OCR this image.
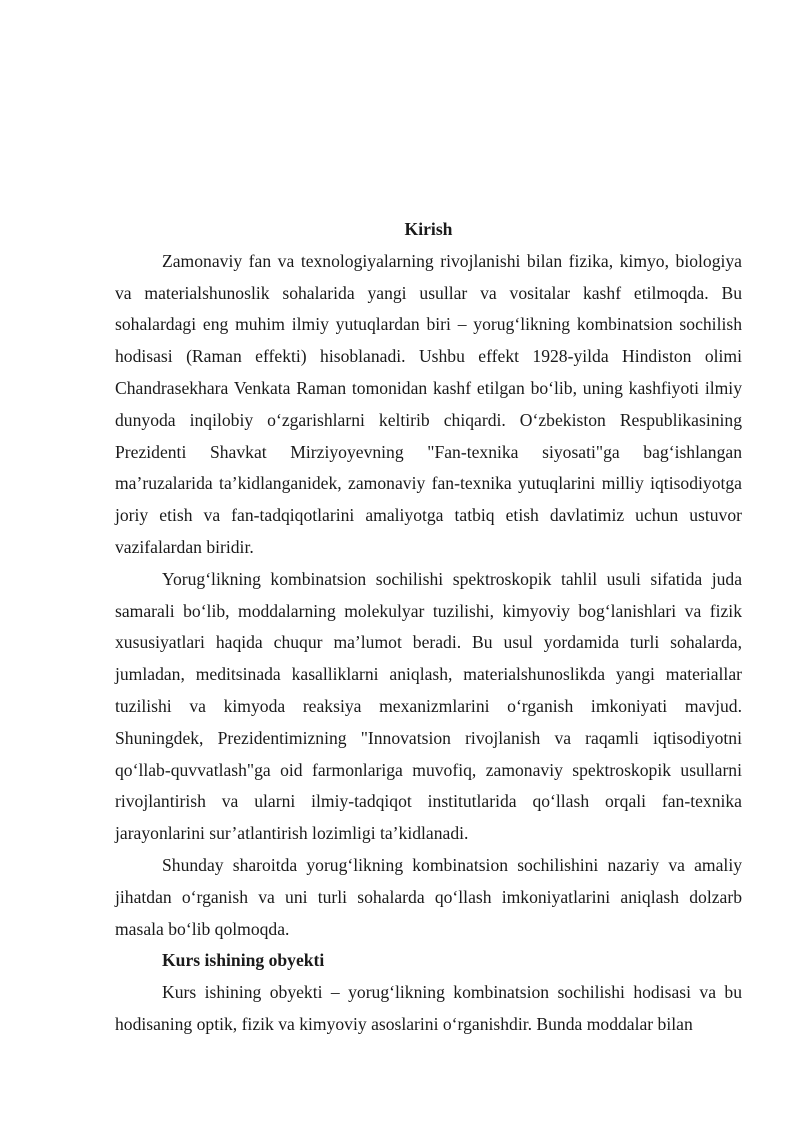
Kirish

Zamonaviy fan va texnologiyalarning rivojlanishi bilan fizika, kimyo, biologiya va materialshunoslik sohalarida yangi usullar va vositalar kashf etilmoqda. Bu sohalardagi eng muhim ilmiy yutuqlardan biri – yorug‘likning kombinatsion sochilish hodisasi (Raman effekti) hisoblanadi. Ushbu effekt 1928-yilda Hindiston olimi Chandrasekhara Venkata Raman tomonidan kashf etilgan bo‘lib, uning kashfiyoti ilmiy dunyoda inqilobiy o‘zgarishlarni keltirib chiqardi. O‘zbekiston Respublikasining Prezidenti Shavkat Mirziyoyevning "Fan-texnika siyosati"ga bag‘ishlangan ma’ruzalarida ta’kidlanganidek, zamonaviy fan-texnika yutuqlarini milliy iqtisodiyotga joriy etish va fan-tadqiqotlarini amaliyotga tatbiq etish davlatimiz uchun ustuvor vazifalardan biridir.

Yorug‘likning kombinatsion sochilishi spektroskopik tahlil usuli sifatida juda samarali bo‘lib, moddalarning molekulyar tuzilishi, kimyoviy bog‘lanishlari va fizik xususiyatlari haqida chuqur ma’lumot beradi. Bu usul yordamida turli sohalarda, jumladan, meditsinada kasalliklarni aniqlash, materialshunoslikda yangi materiallar tuzilishi va kimyoda reaksiya mexanizmlarini o‘rganish imkoniyati mavjud. Shuningdek, Prezidentimizning "Innovatsion rivojlanish va raqamli iqtisodiyotni qo‘llab-quvvatlash"ga oid farmonlariga muvofiq, zamonaviy spektroskopik usullarni rivojlantirish va ularni ilmiy-tadqiqot institutlarida qo‘llash orqali fan-texnika jarayonlarini sur’atlantirish lozimligi ta’kidlanadi.

Shunday sharoitda yorug‘likning kombinatsion sochilishini nazariy va amaliy jihatdan o‘rganish va uni turli sohalarda qo‘llash imkoniyatlarini aniqlash dolzarb masala bo‘lib qolmoqda.

Kurs ishining obyekti

Kurs ishining obyekti – yorug‘likning kombinatsion sochilishi hodisasi va bu hodisaning optik, fizik va kimyoviy asoslarini o‘rganishdir. Bunda moddalar bilan
